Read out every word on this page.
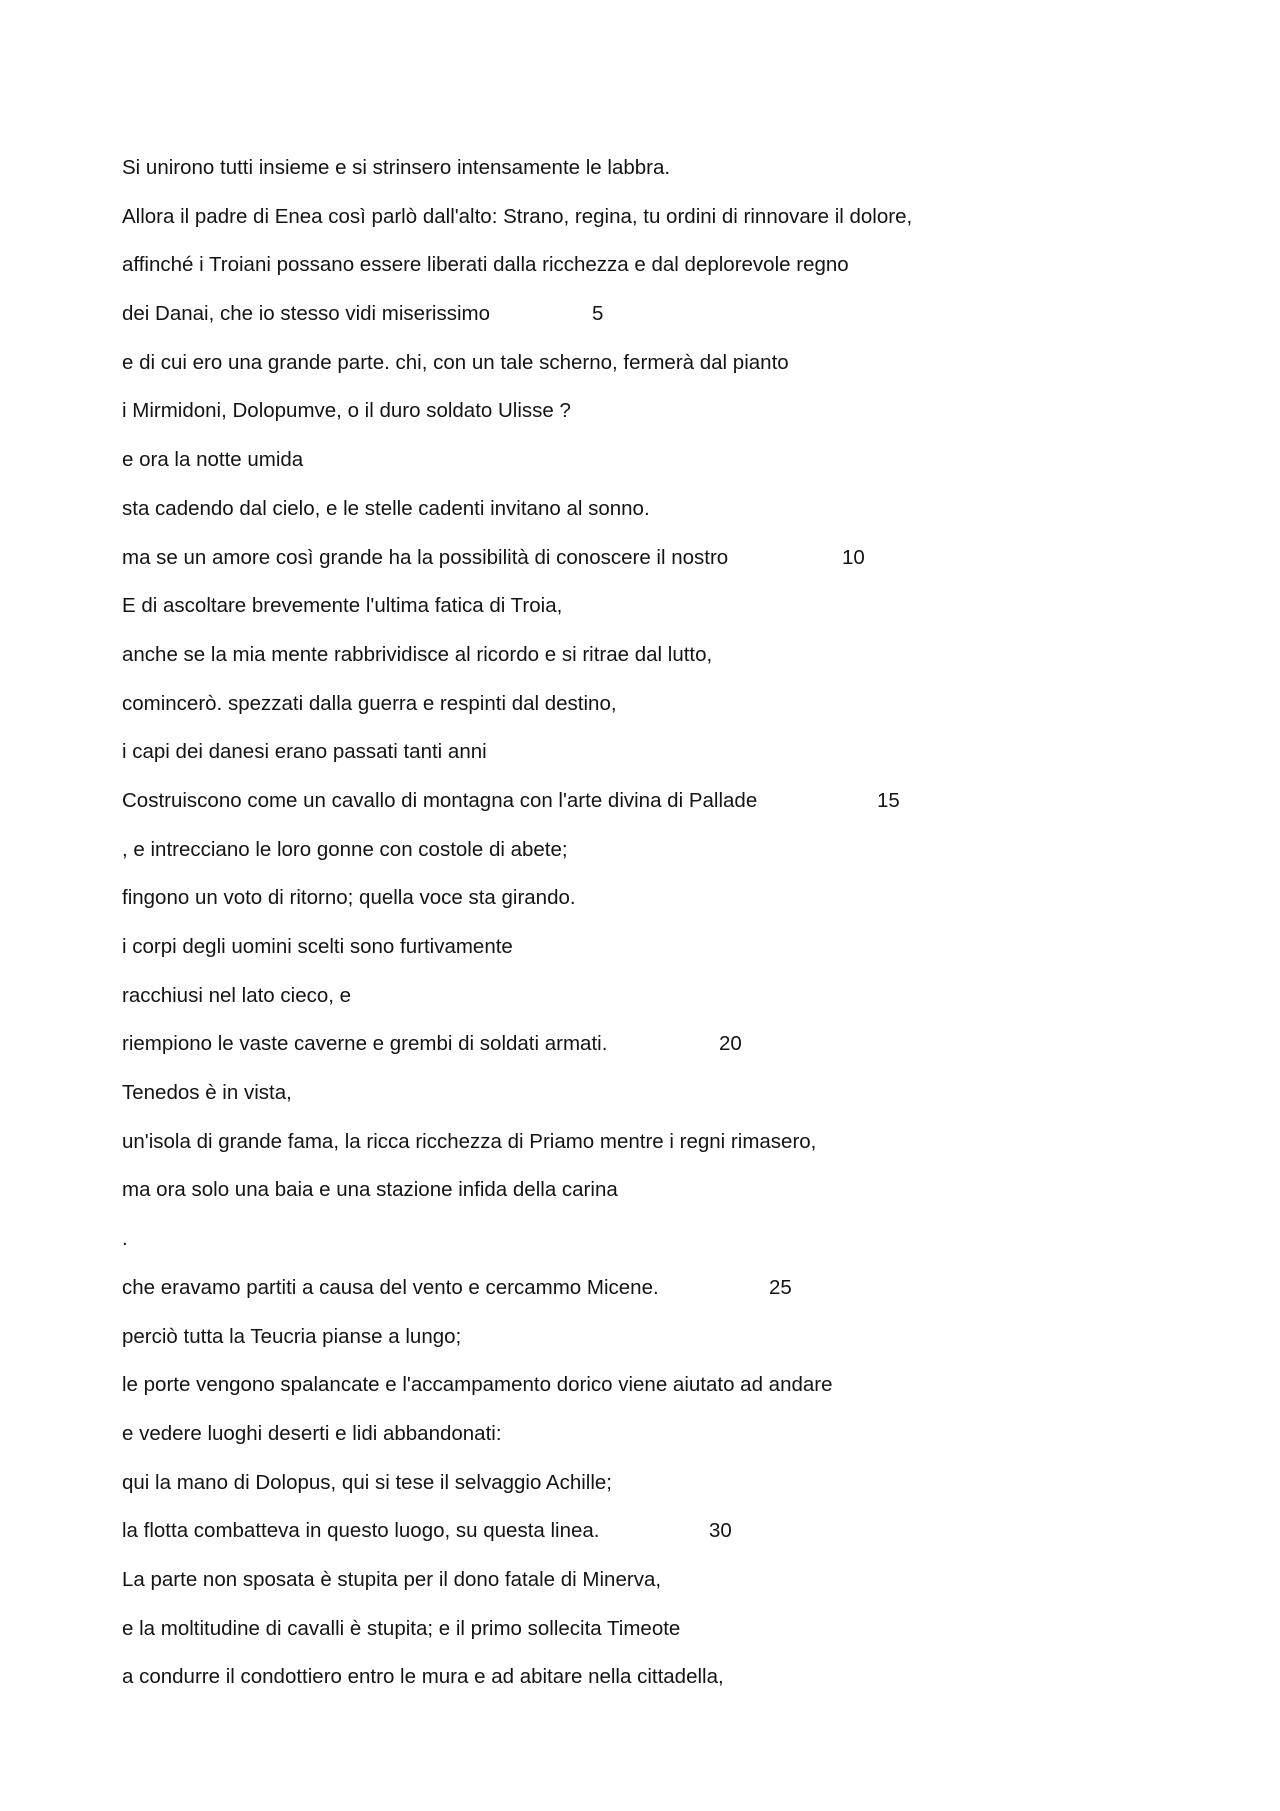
Si unirono tutti insieme e si strinsero intensamente le labbra.
Allora il padre di Enea così parlò dall'alto: Strano, regina, tu ordini di rinnovare il dolore,
affinché i Troiani possano essere liberati dalla ricchezza e dal deplorevole regno
dei Danai, che io stesso vidi miserissimo	5
e di cui ero una grande parte. chi, con un tale scherno, fermerà dal pianto
i Mirmidoni, Dolopumve, o il duro soldato Ulisse ?
e ora la notte umida
sta cadendo dal cielo, e le stelle cadenti invitano al sonno.
ma se un amore così grande ha la possibilità di conoscere il nostro	10
E di ascoltare brevemente l'ultima fatica di Troia,
anche se la mia mente rabbrividisce al ricordo e si ritrae dal lutto,
comincerò. spezzati dalla guerra e respinti dal destino,
i capi dei danesi erano passati tanti anni
Costruiscono come un cavallo di montagna con l'arte divina di Pallade	15
, e intrecciano le loro gonne con costole di abete;
fingono un voto di ritorno; quella voce sta girando.
i corpi degli uomini scelti sono furtivamente
racchiusi nel lato cieco, e
riempiono le vaste caverne e grembi di soldati armati.	20
Tenedos è in vista,
un'isola di grande fama, la ricca ricchezza di Priamo mentre i regni rimasero,
ma ora solo una baia e una stazione infida della carina
.
che eravamo partiti a causa del vento e cercammo Micene.	25
perciò tutta la Teucria pianse a lungo;
le porte vengono spalancate e l'accampamento dorico viene aiutato ad andare
e vedere luoghi deserti e lidi abbandonati:
qui la mano di Dolopus, qui si tese il selvaggio Achille;
la flotta combatteva in questo luogo, su questa linea.	30
La parte non sposata è stupita per il dono fatale di Minerva,
e la moltitudine di cavalli è stupita; e il primo sollecita Timeote
a condurre il condottiero entro le mura e ad abitare nella cittadella,
